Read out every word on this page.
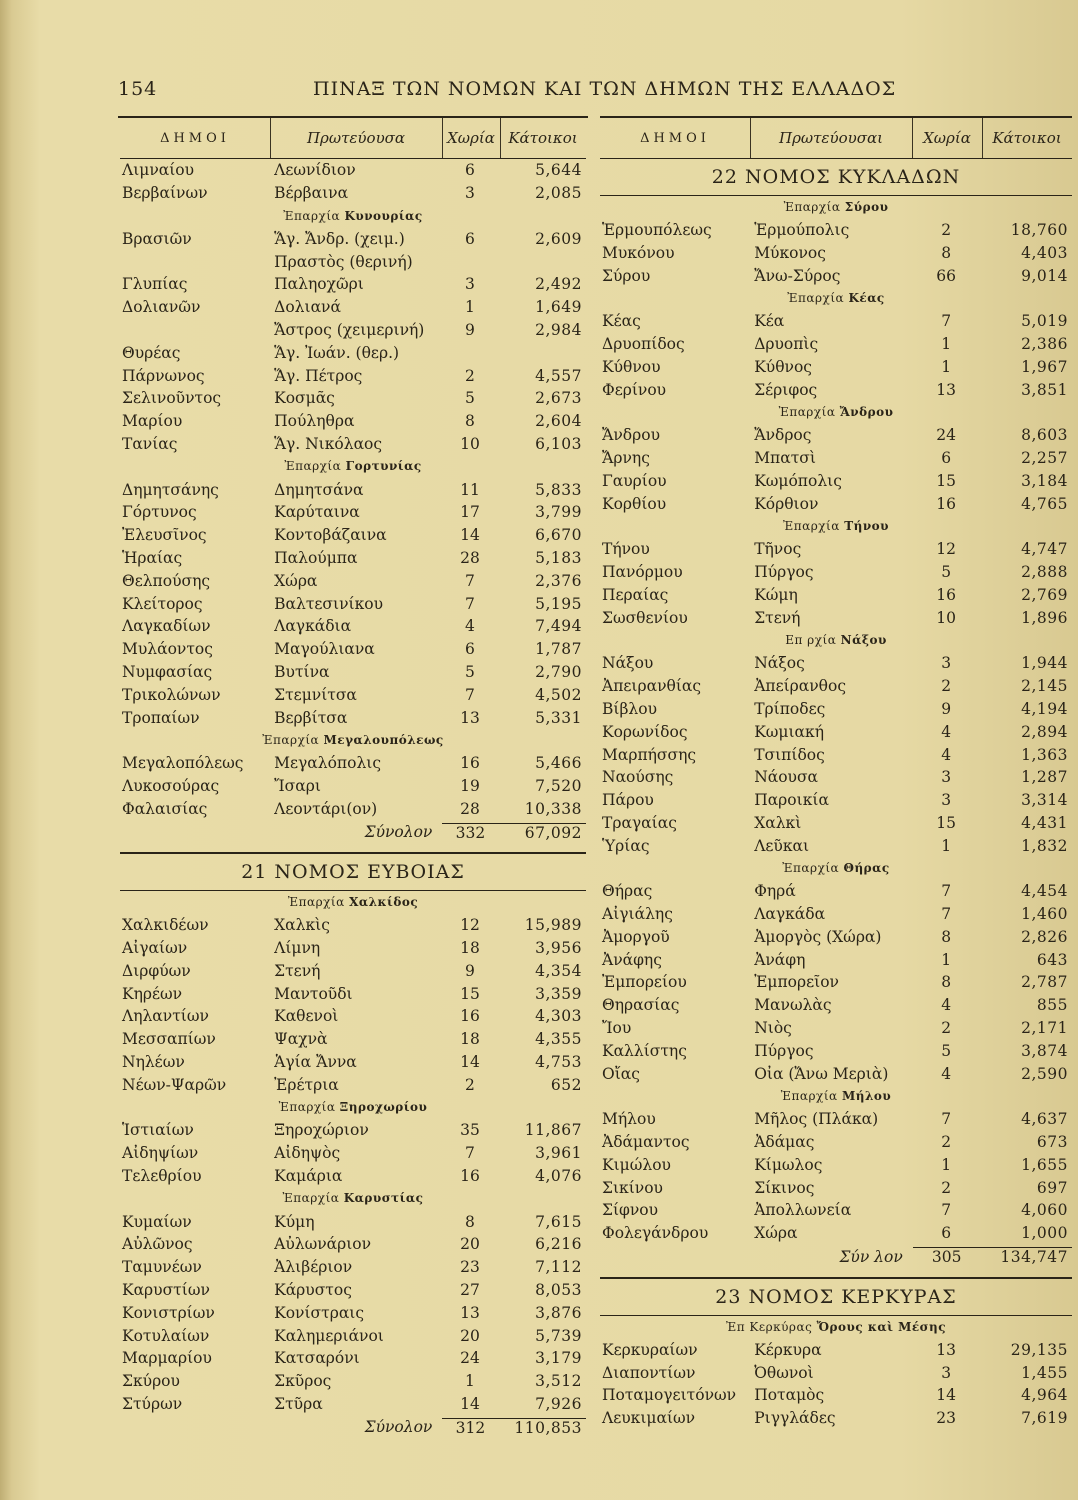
154	ΠΙΝΑΞ ΤΩΝ ΝΟΜΩΝ ΚΑΙ ΤΩΝ ΔΗΜΩΝ ΤΗΣ ΕΛΛΑΔΟΣ
ΔΗΜΟΙ	Πρωτεύουσα	Χωρία Κάτοικοι
Λιμναίου	Λεωνίδιον	6	5,644
Βερβαίνων	Βέρβαινα	3	2,085
Ἐπαρχία Κυνουρίας
Βρασιῶν	Ἅγ. Ἄνδρ. (χειμ.)	6	2,609
Πραστὸς (θερινή)
Γλυπίας	Παληοχῶρι	3	2,492
Δολιανῶν	Δολιανά	1	1,649
Ἄστρος (χειμερινή)	9	2,984
Θυρέας	Ἅγ. Ἰωάν. (θερ.)
Πάρνωνος	Ἅγ. Πέτρος	2	4,557
Σελινοῦντος	Κοσμᾶς	5	2,673
Μαρίου	Πούληθρα	8	2,604
Τανίας	Ἅγ. Νικόλαος	10	6,103
Ἐπαρχία Γορτυνίας
Δημητσάνης	Δημητσάνα	11	5,833
Γόρτυνος	Καρύταινα	17	3,799
Ἐλευσῖνος	Κοντοβάζαινα	14	6,670
Ἡραίας	Παλούμπα	28	5,183
Θελπούσης	Χώρα	7	2,376
Κλείτορος	Βαλτεσινίκου	7	5,195
Λαγκαδίων	Λαγκάδια	4	7,494
Μυλάοντος	Μαγούλιανα	6	1,787
Νυμφασίας	Βυτίνα	5	2,790
Τρικολώνων	Στεμνίτσα	7	4,502
Τροπαίων	Βερβίτσα	13	5,331
Ἐπαρχία Μεγαλουπόλεως
Μεγαλοπόλεως	Μεγαλόπολις	16	5,466
Λυκοσούρας	Ἴσαρι	19	7,520
Φαλαισίας	Λεοντάρι(ον)	28	10,338
Σύνολον	332	67,092
21 ΝΟΜΟΣ ΕΥΒΟΙΑΣ
Ἐπαρχία Χαλκίδος
Χαλκιδέων	Χαλκὶς	12	15,989
Αἰγαίων	Λίμνη	18	3,956
Διρφύων	Στενή	9	4,354
Κηρέων	Μαντοῦδι	15	3,359
Ληλαντίων	Καθενοὶ	16	4,303
Μεσσαπίων	Ψαχνὰ	18	4,355
Νηλέων	Ἁγία Ἄννα	14	4,753
Νέων-Ψαρῶν	Ἐρέτρια	2	652
Ἐπαρχία Ξηροχωρίου
Ἱστιαίων	Ξηροχώριον	35	11,867
Αἰδηψίων	Αἰδηψὸς	7	3,961
Τελεθρίου	Καμάρια	16	4,076
Ἐπαρχία Καρυστίας
Κυμαίων	Κύμη	8	7,615
Αὐλῶνος	Αὐλωνάριον	20	6,216
Ταμυνέων	Ἀλιβέριον	23	7,112
Καρυστίων	Κάρυστος	27	8,053
Κονιστρίων	Κονίστραις	13	3,876
Κοτυλαίων	Καλημεριάνοι	20	5,739
Μαρμαρίου	Κατσαρόνι	24	3,179
Σκύρου	Σκῦρος	1	3,512
Στύρων	Στῦρα	14	7,926
Σύνολον	312	110,853
ΔΗΜΟΙ	Πρωτεύουσαι	Χωρία	Κάτοικοι
22 ΝΟΜΟΣ ΚΥΚΛΑΔΩΝ
Ἐπαρχία Σύρου
Ἑρμουπόλεως	Ἑρμούπολις	2	18,760
Μυκόνου	Μύκονος	8	4,403
Σύρου	Ἄνω-Σύρος	66	9,014
Ἐπαρχία Κέας
Κέας	Κέα	7	5,019
Δρυοπίδος	Δρυοπὶς	1	2,386
Κύθνου	Κύθνος	1	1,967
Φερίνου	Σέριφος	13	3,851
Ἐπαρχία Ἄνδρου
Ἄνδρου	Ἄνδρος	24	8,603
Ἄρνης	Μπατσὶ	6	2,257
Γαυρίου	Κωμόπολις	15	3,184
Κορθίου	Κόρθιον	16	4,765
Ἐπαρχία Τήνου
Τήνου	Τῆνος	12	4,747
Πανόρμου	Πύργος	5	2,888
Περαίας	Κώμη	16	2,769
Σωσθενίου	Στενή	10	1,896
Επ ρχία Νάξου
Νάξου	Νάξος	3	1,944
Ἀπειρανθίας	Ἀπείρανθος	2	2,145
Βίβλου	Τρίποδες	9	4,194
Κορωνίδος	Κωμιακή	4	2,894
Μαρπήσσης	Τσιπίδος	4	1,363
Ναούσης	Νάουσα	3	1,287
Πάρου	Παροικία	3	3,314
Τραγαίας	Χαλκὶ	15	4,431
Ὑρίας	Λεῦκαι	1	1,832
Ἐπαρχία Θήρας
Θήρας	Φηρά	7	4,454
Αἰγιάλης	Λαγκάδα	7	1,460
Ἀμοργοῦ	Ἀμοργὸς (Χώρα)	8	2,826
Ἀνάφης	Ἀνάφη	1	643
Ἐμπορείου	Ἐμπορεῖον	8	2,787
Θηρασίας	Μανωλὰς	4	855
Ἴου	Νιὸς	2	2,171
Καλλίστης	Πύργος	5	3,874
Οἴας	Οἶα (Ἄνω Μεριὰ)	4	2,590
Ἐπαρχία Μήλου
Μήλου	Μῆλος (Πλάκα)	7	4,637
Ἀδάμαντος	Ἀδάμας	2	673
Κιμώλου	Κίμωλος	1	1,655
Σικίνου	Σίκινος	2	697
Σίφνου	Ἀπολλωνεία	7	4,060
Φολεγάνδρου	Χώρα	6	1,000
Σύν λον	305	134,747
23 ΝΟΜΟΣ ΚΕΡΚΥΡΑΣ
Ἐπ Κερκύρας Ὄρους καὶ Μέσης
Κερκυραίων	Κέρκυρα	13	29,135
Διαποντίων	Ὀθωνοὶ	3	1,455
Ποταμογειτόνων	Ποταμὸς	14	4,964
Λευκιμαίων	Ριγγλάδες	23	7,619
